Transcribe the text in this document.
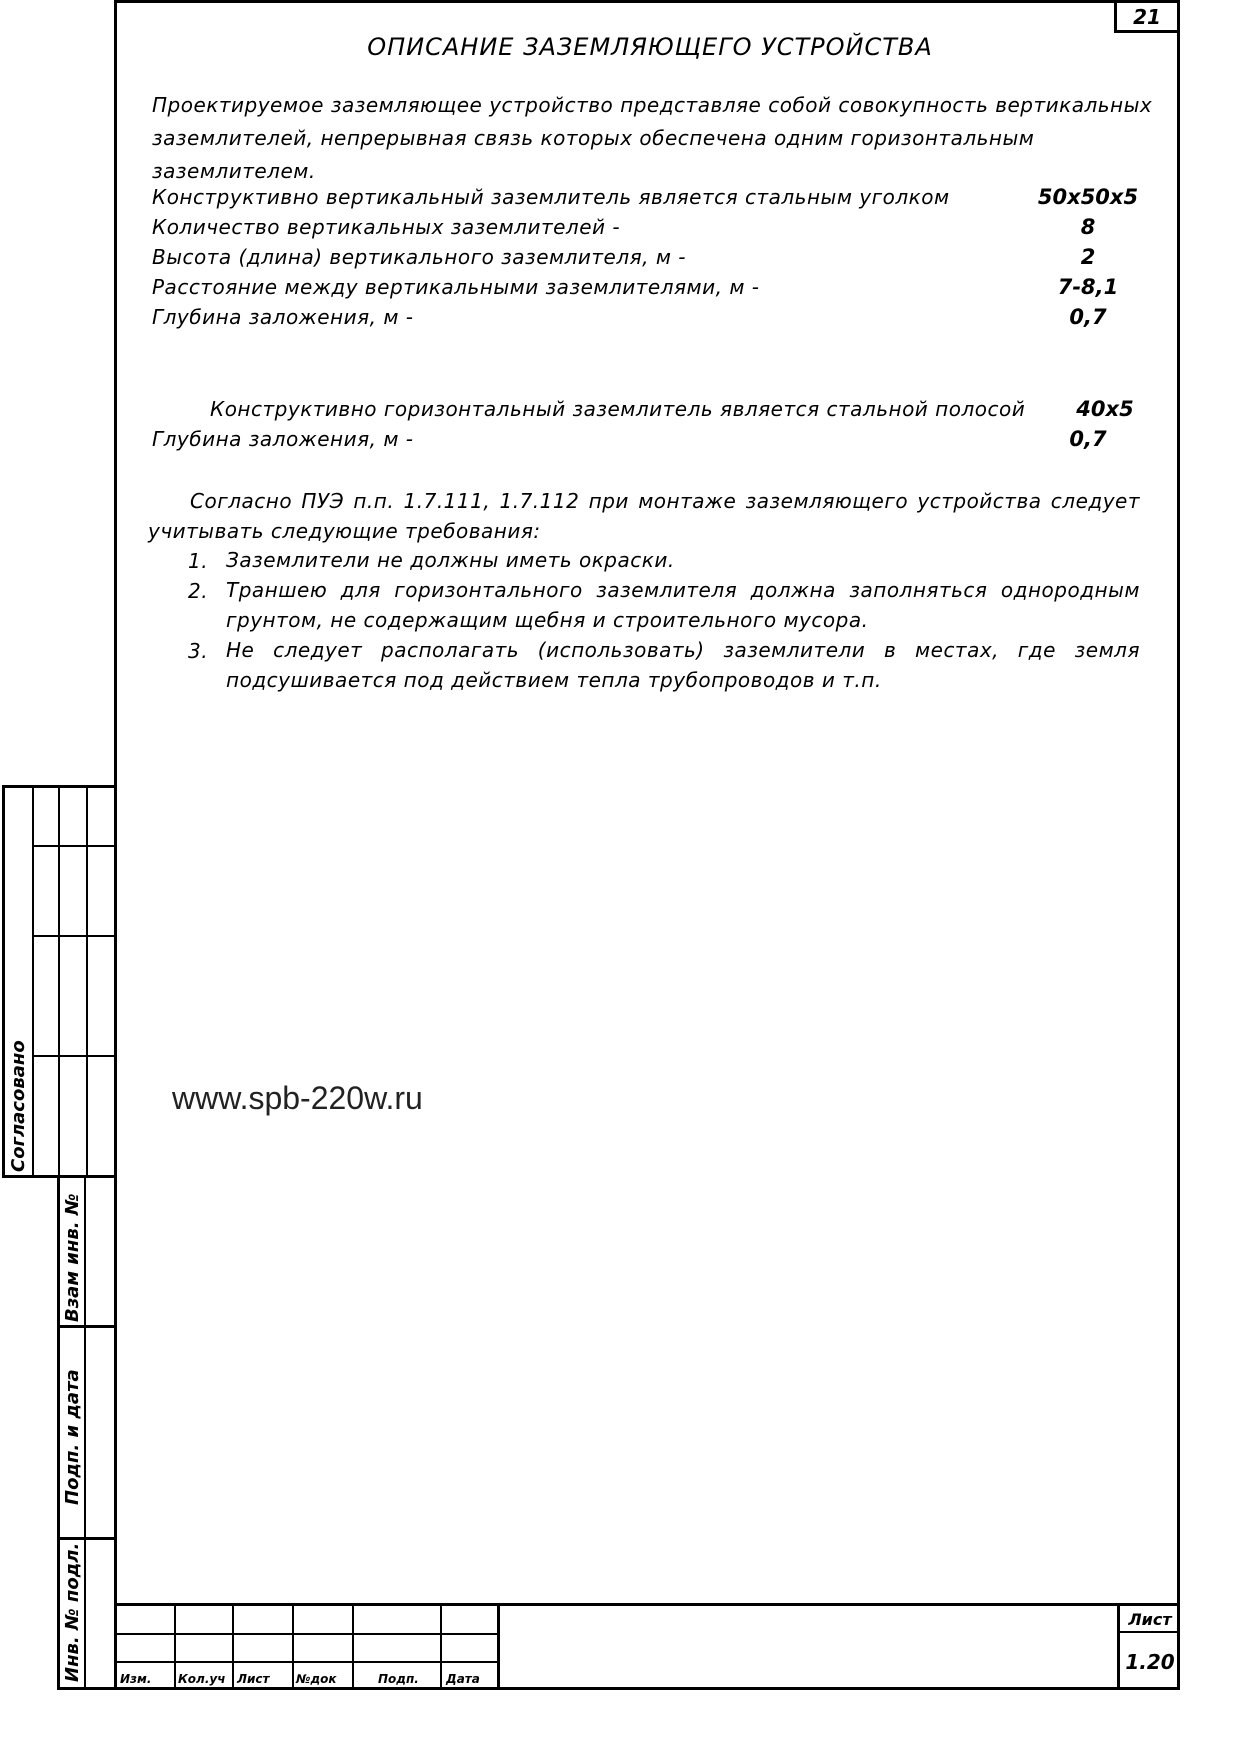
21
ОПИСАНИЕ ЗАЗЕМЛЯЮЩЕГО УСТРОЙСТВА
Проектируемое заземляющее устройство представляе собой совокупность вертикальных
заземлителей, непрерывная связь которых обеспечена одним горизонтальным
заземлителем.
Конструктивно вертикальный заземлитель является стальным уголком	50х50х5
Количество вертикальных заземлителей -	8
Высота (длина) вертикального заземлителя, м -	2
Расстояние между вертикальными заземлителями, м -	7-8,1
Глубина заложения, м -	0,7
Конструктивно горизонтальный заземлитель является стальной полосой	40х5
Глубина заложения, м -	0,7
Согласно ПУЭ п.п. 1.7.111, 1.7.112 при монтаже заземляющего устройства следует учитывать следующие требования:
1. Заземлители не должны иметь окраски.
2. Траншею для горизонтального заземлителя должна заполняться однородным грунтом, не содержащим щебня и строительного мусора.
3. Не следует располагать (использовать) заземлители в местах, где земля подсушивается под действием тепла трубопроводов и т.п.
www.spb-220w.ru
Согласовано
Взам инв. №
Подп. и дата
Инв. № подл.	Изм. Кол.уч Лист №док	Подп. Дата
Лист
1.20
